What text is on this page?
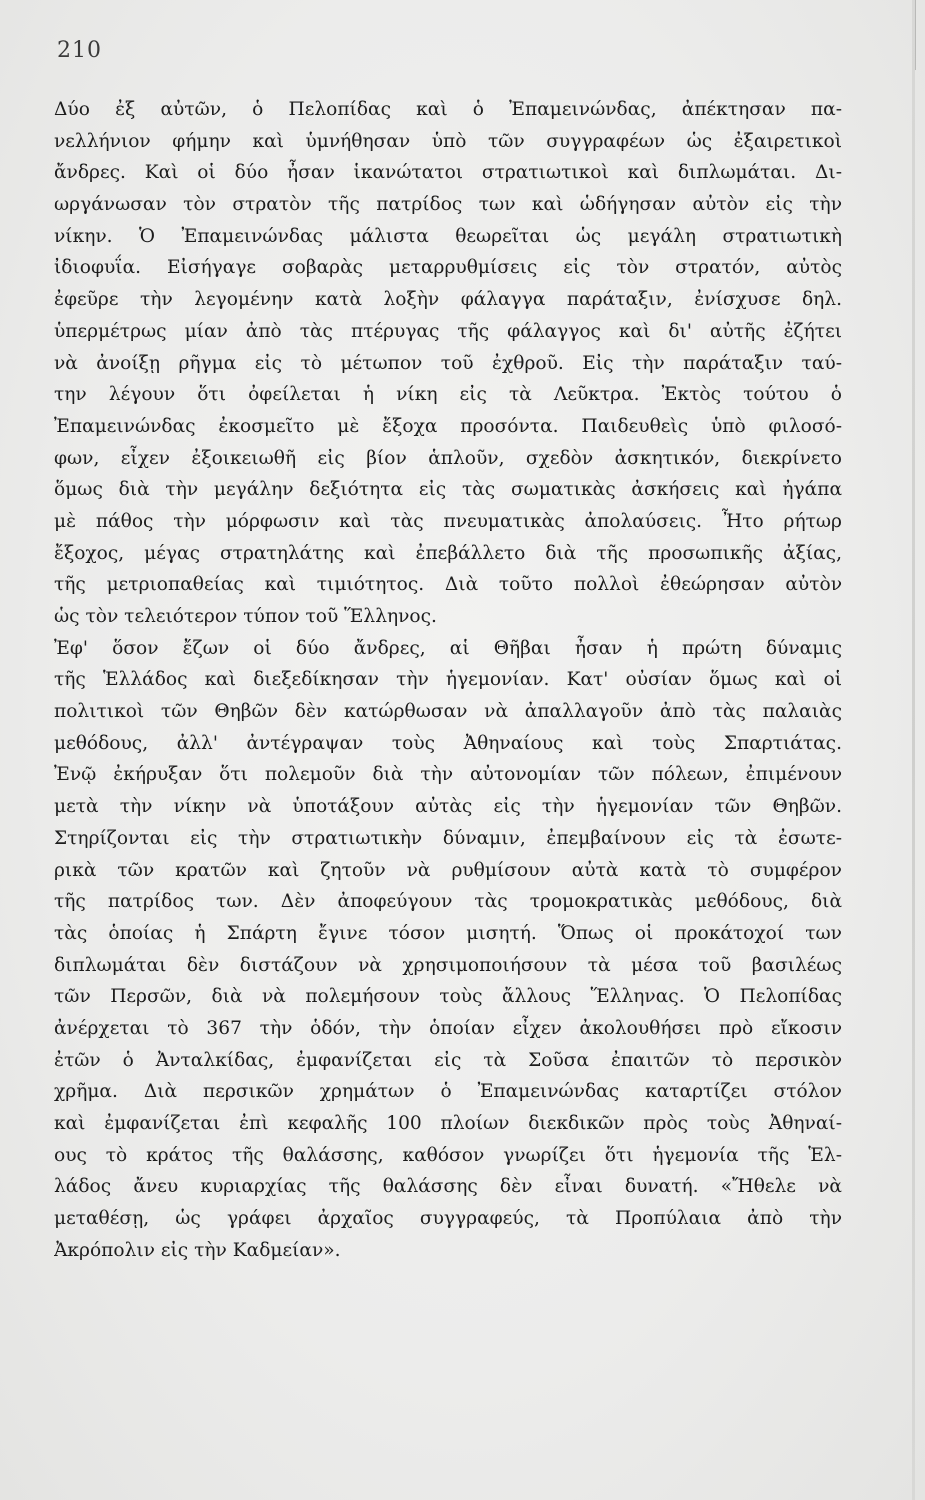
210
Δύο ἐξ αὐτῶν, ὁ Πελοπίδας καὶ ὁ Ἐπαμεινώνδας, ἀπέκτησαν πα-
νελλήνιον φήμην καὶ ὑμνήθησαν ὑπὸ τῶν συγγραφέων ὡς ἐξαιρετικοὶ
ἄνδρες. Καὶ οἱ δύο ἦσαν ἱκανώτατοι στρατιωτικοὶ καὶ διπλωμάται. Δι-
ωργάνωσαν τὸν στρατὸν τῆς πατρίδος των καὶ ὡδήγησαν αὐτὸν εἰς τὴν
νίκην. Ὁ Ἐπαμεινώνδας μάλιστα θεωρεῖται ὡς μεγάλη στρατιωτικὴ
ἰδιοφυΐα. Εἰσήγαγε σοβαρὰς μεταρρυθμίσεις εἰς τὸν στρατόν, αὐτὸς
ἐφεῦρε τὴν λεγομένην κατὰ λοξὴν φάλαγγα παράταξιν, ἐνίσχυσε δηλ.
ὑπερμέτρως μίαν ἀπὸ τὰς πτέρυγας τῆς φάλαγγος καὶ δι' αὐτῆς ἐζήτει
νὰ ἀνοίξῃ ρῆγμα εἰς τὸ μέτωπον τοῦ ἐχθροῦ. Εἰς τὴν παράταξιν ταύ-
την λέγουν ὅτι ὀφείλεται ἡ νίκη εἰς τὰ Λεῦκτρα. Ἐκτὸς τούτου ὁ
Ἐπαμεινώνδας ἐκοσμεῖτο μὲ ἔξοχα προσόντα. Παιδευθεὶς ὑπὸ φιλοσό-
φων, εἶχεν ἐξοικειωθῆ εἰς βίον ἁπλοῦν, σχεδὸν ἀσκητικόν, διεκρίνετο
ὅμως διὰ τὴν μεγάλην δεξιότητα εἰς τὰς σωματικὰς ἀσκήσεις καὶ ἠγάπα
μὲ πάθος τὴν μόρφωσιν καὶ τὰς πνευματικὰς ἀπολαύσεις. Ἦτο ρήτωρ
ἔξοχος, μέγας στρατηλάτης καὶ ἐπεβάλλετο διὰ τῆς προσωπικῆς ἀξίας,
τῆς μετριοπαθείας καὶ τιμιότητος. Διὰ τοῦτο πολλοὶ ἐθεώρησαν αὐτὸν
ὡς τὸν τελειότερον τύπον τοῦ Ἕλληνος.
Ἐφ' ὅσον ἔζων οἱ δύο ἄνδρες, αἱ Θῆβαι ἦσαν ἡ πρώτη δύναμις
τῆς Ἑλλάδος καὶ διεξεδίκησαν τὴν ἡγεμονίαν. Κατ' οὐσίαν ὅμως καὶ οἱ
πολιτικοὶ τῶν Θηβῶν δὲν κατώρθωσαν νὰ ἀπαλλαγοῦν ἀπὸ τὰς παλαιὰς
μεθόδους, ἀλλ' ἀντέγραψαν τοὺς Ἀθηναίους καὶ τοὺς Σπαρτιάτας.
Ἐνῷ ἐκήρυξαν ὅτι πολεμοῦν διὰ τὴν αὐτονομίαν τῶν πόλεων, ἐπιμένουν
μετὰ τὴν νίκην νὰ ὑποτάξουν αὐτὰς εἰς τὴν ἡγεμονίαν τῶν Θηβῶν.
Στηρίζονται εἰς τὴν στρατιωτικὴν δύναμιν, ἐπεμβαίνουν εἰς τὰ ἐσωτε-
ρικὰ τῶν κρατῶν καὶ ζητοῦν νὰ ρυθμίσουν αὐτὰ κατὰ τὸ συμφέρον
τῆς πατρίδος των. Δὲν ἀποφεύγουν τὰς τρομοκρατικὰς μεθόδους, διὰ
τὰς ὁποίας ἡ Σπάρτη ἔγινε τόσον μισητή. Ὅπως οἱ προκάτοχοί των
διπλωμάται δὲν διστάζουν νὰ χρησιμοποιήσουν τὰ μέσα τοῦ βασιλέως
τῶν Περσῶν, διὰ νὰ πολεμήσουν τοὺς ἄλλους Ἕλληνας. Ὁ Πελοπίδας
ἀνέρχεται τὸ 367 τὴν ὁδόν, τὴν ὁποίαν εἶχεν ἀκολουθήσει πρὸ εἴκοσιν
ἐτῶν ὁ Ἀνταλκίδας, ἐμφανίζεται εἰς τὰ Σοῦσα ἐπαιτῶν τὸ περσικὸν
χρῆμα. Διὰ περσικῶν χρημάτων ὁ Ἐπαμεινώνδας καταρτίζει στόλον
καὶ ἐμφανίζεται ἐπὶ κεφαλῆς 100 πλοίων διεκδικῶν πρὸς τοὺς Ἀθηναί-
ους τὸ κράτος τῆς θαλάσσης, καθόσον γνωρίζει ὅτι ἡγεμονία τῆς Ἑλ-
λάδος ἄνευ κυριαρχίας τῆς θαλάσσης δὲν εἶναι δυνατή. «Ἤθελε νὰ
μεταθέσῃ, ὡς γράφει ἀρχαῖος συγγραφεύς, τὰ Προπύλαια ἀπὸ τὴν
Ἀκρόπολιν εἰς τὴν Καδμείαν».
